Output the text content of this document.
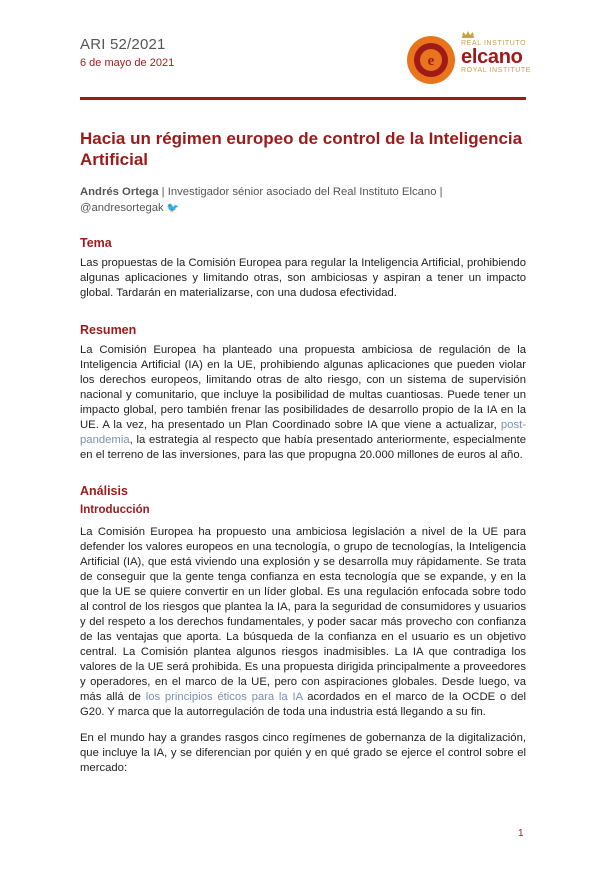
ARI 52/2021
6 de mayo de 2021	e
REAL INSTITUTO
elcano
ROYAL INSTITUTE
Hacia un régimen europeo de control de la Inteligencia Artificial
Andrés Ortega | Investigador sénior asociado del Real Instituto Elcano |
@andresortegak 🐦
Tema

Las propuestas de la Comisión Europea para regular la Inteligencia Artificial, prohibiendo algunas aplicaciones y limitando otras, son ambiciosas y aspiran a tener un impacto global. Tardarán en materializarse, con una dudosa efectividad.

Resumen

La Comisión Europea ha planteado una propuesta ambiciosa de regulación de la Inteligencia Artificial (IA) en la UE, prohibiendo algunas aplicaciones que pueden violar los derechos europeos, limitando otras de alto riesgo, con un sistema de supervisión nacional y comunitario, que incluye la posibilidad de multas cuantiosas. Puede tener un impacto global, pero también frenar las posibilidades de desarrollo propio de la IA en la UE. A la vez, ha presentado un Plan Coordinado sobre IA que viene a actualizar, post-pandemia, la estrategia al respecto que había presentado anteriormente, especialmente en el terreno de las inversiones, para las que propugna 20.000 millones de euros al año.

Análisis
Introducción

La Comisión Europea ha propuesto una ambiciosa legislación a nivel de la UE para defender los valores europeos en una tecnología, o grupo de tecnologías, la Inteligencia Artificial (IA), que está viviendo una explosión y se desarrolla muy rápidamente. Se trata de conseguir que la gente tenga confianza en esta tecnología que se expande, y en la que la UE se quiere convertir en un líder global. Es una regulación enfocada sobre todo al control de los riesgos que plantea la IA, para la seguridad de consumidores y usuarios y del respeto a los derechos fundamentales, y poder sacar más provecho con confianza de las ventajas que aporta. La búsqueda de la confianza en el usuario es un objetivo central. La Comisión plantea algunos riesgos inadmisibles. La IA que contradiga los valores de la UE será prohibida. Es una propuesta dirigida principalmente a proveedores y operadores, en el marco de la UE, pero con aspiraciones globales. Desde luego, va más allá de los principios éticos para la IA acordados en el marco de la OCDE o del G20. Y marca que la autorregulación de toda una industria está llegando a su fin.

En el mundo hay a grandes rasgos cinco regímenes de gobernanza de la digitalización, que incluye la IA, y se diferencian por quién y en qué grado se ejerce el control sobre el mercado:

1
